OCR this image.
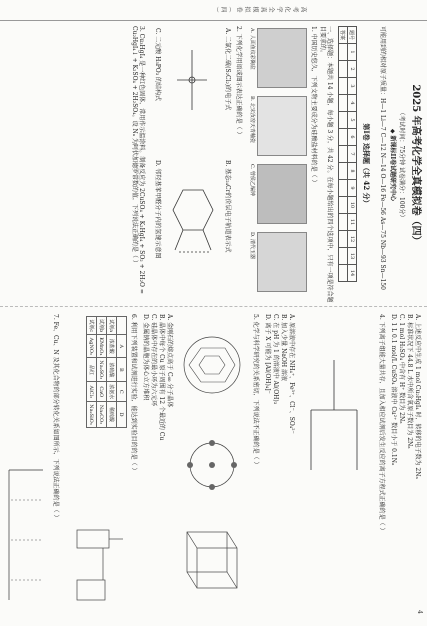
高考化学全真模拟卷（四）
2025 年高考化学全真模拟卷（四）
（考试时间：75分钟 试卷满分：100分）
◆ 新课标II卷试题研究中心
可能用到的相对原子质量：H—1 Li—7 C—12 N—14 O—16 Fe—56 As—75 Nb—93 Sn—150
第Ⅰ卷 选择题（共 42 分）
题号	1	2	3	4	5	6	7	8	9	10	11	12	13	14
答案														
一、选择题：本题共 14 小题，每小题 3 分，共 42 分。在每小题给出的四个选项中，只有一项是符合题目要求的。
1. 中国历史悠久，下列文物主要成分为硅酸盐材料的是（ ）
A. 人面鱼纹彩陶盆
B. 北宋汝窑天青釉瓷
C. 曾侯乙编钟
D. 清代玉器
2. 下列化学用语或图示表达正确的是（ ）
A. 二氯化二硫(S₂Cl₂)的电子式
B. 基态₂₄Cr的价层电子轨道表示式
C. 二元酸 H₃PO₃ 的结构式
D. 邻羟基苯甲醛分子内的氢键示意图
3. Cu₃HgI₄ 是一种红色固体，常用作示温涂料。制备反应为 2CuSO₄ + K₂HgI₄ + SO₂ + 2H₂O = Cu₂HgI₄↓ + K₂SO₄ + 2H₂SO₄。设 Nₐ 为阿伏加德罗常数的值，下列说法正确的是（ ）
A. 上述反应中生成 1 mol Cu₂HgI₄ 时，转移的电子数为 2Nₐ
B. 标准状况下 44.8 L 水中所含氧原子数目为 2Nₐ
C. 1 mol H₂SO₄ 中含有 H⁺ 数目为 2Nₐ
D. 1 L 0.1 mol/L CuSO₄ 溶液中 Cu²⁺ 数目小于 0.1Nₐ
4. 下列离子组能大量共存，且加入相应试剂后发生反应的离子方程式正确的是（ ）
A. 原溶液中存在 NH₄⁺、Fe³⁺、Cl⁻、SO₄²⁻
B. 加入少量 NaOH 溶液
C. 在 pH 为 1 的溶液中 Al(OH)₃
D. 离子 X 可能为 [Al(OH)₄]⁻
5. 化学与科学研究的关系密切，下列说法不正确的是（ ）
A. 金刚石的熔点高于 C₆₀ 分子晶体
B. 晶体中每个 Cu 原子周围有 12 个最近的 Cu
C. 硅晶体中存在的最小环为六元环
D. 金属钠的晶胞为体心立方堆积
6. 利用下列装置和试剂进行实验，能达到实验目的的是（ ）
	A	B	C	D
试剂a	浓盐酸	浓硫酸	浓氨水	稀硫酸
试剂b	KMnO₄	Na₂SO₃	CaO	Na₂CO₃
试剂c	AgNO₃	品红	AlCl₃	Na₂SiO₃
7. Fe、Cu、N 及其化合物的部分转化关系如图所示，下列说法正确的是（ ）
4
